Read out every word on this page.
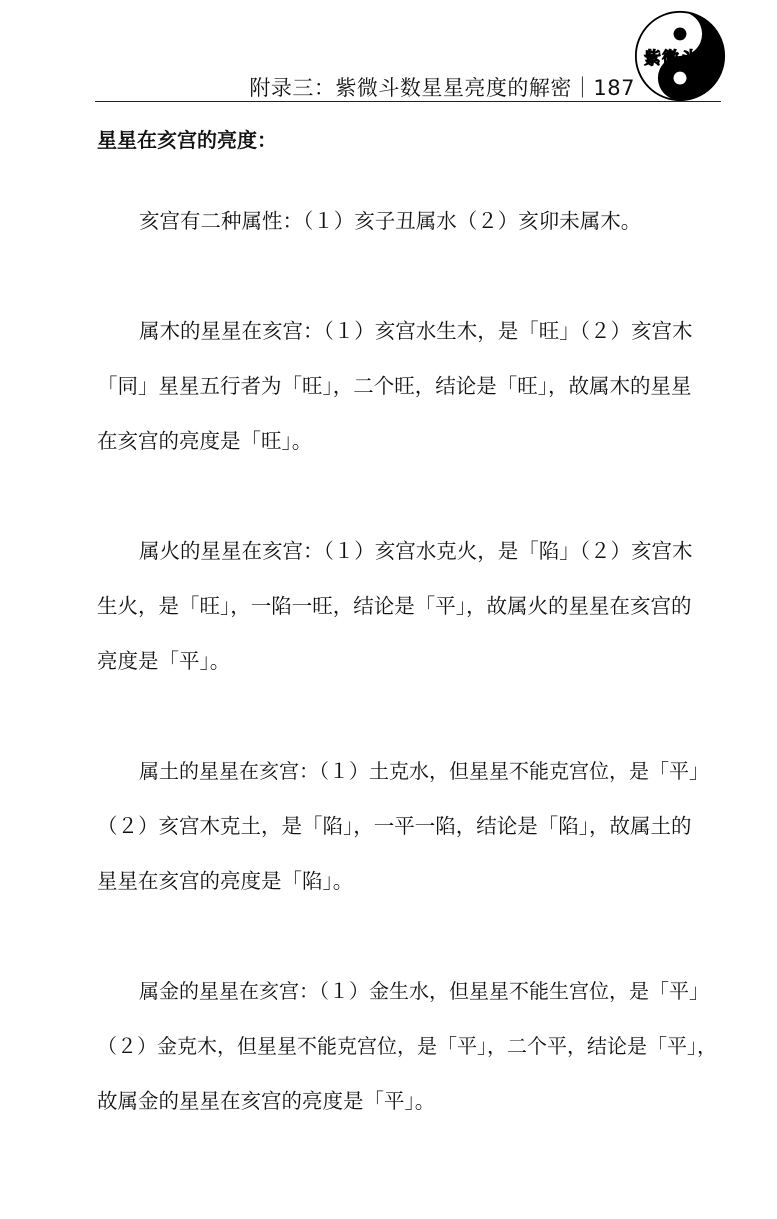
附录三：紫微斗数星星亮度的解密｜187
紫微斗數
星星在亥宫的亮度：
亥宫有二种属性：（１）亥子丑属水（２）亥卯未属木。
属木的星星在亥宫：（１）亥宫水生木，是「旺」（２）亥宫木
「同」星星五行者为「旺」，二个旺，结论是「旺」，故属木的星星
在亥宫的亮度是「旺」。
属火的星星在亥宫：（１）亥宫水克火，是「陷」（２）亥宫木
生火，是「旺」，一陷一旺，结论是「平」，故属火的星星在亥宫的
亮度是「平」。
属土的星星在亥宫：（１）土克水，但星星不能克宫位，是「平」
（２）亥宫木克土，是「陷」，一平一陷，结论是「陷」，故属土的
星星在亥宫的亮度是「陷」。
属金的星星在亥宫：（１）金生水，但星星不能生宫位，是「平」
（２）金克木，但星星不能克宫位，是「平」，二个平，结论是「平」，
故属金的星星在亥宫的亮度是「平」。
